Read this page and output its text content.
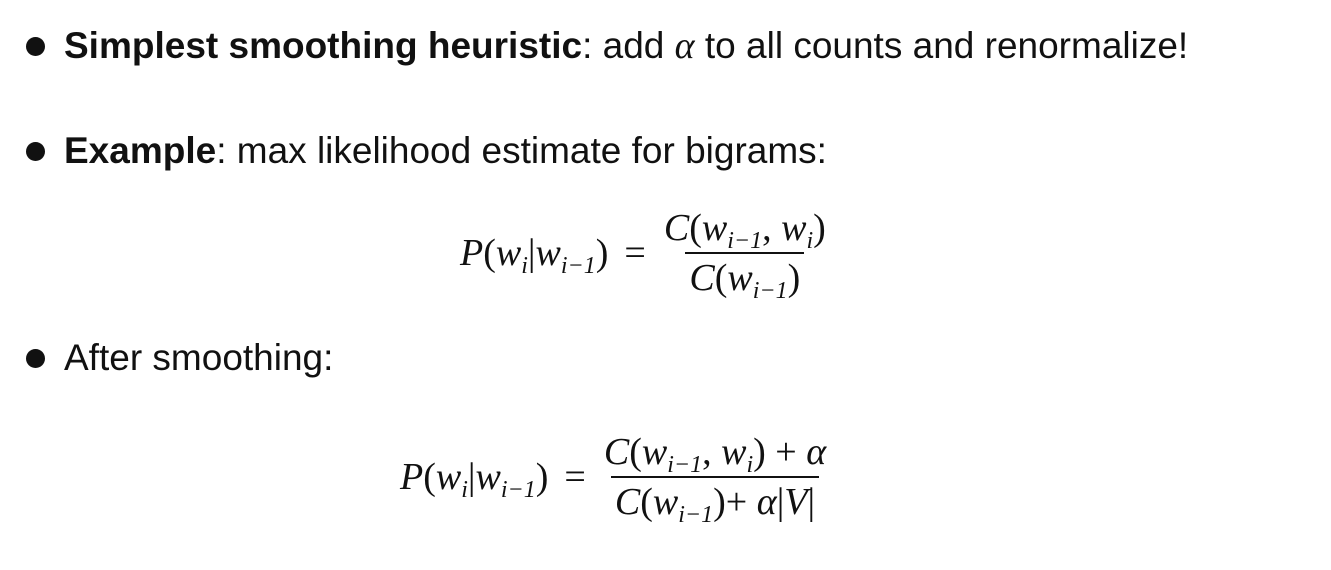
Simplest smoothing heuristic: add α to all counts and renormalize!
Example: max likelihood estimate for bigrams:
$P(w_i|w_{i-1}) = \frac{C(w_{i-1}, w_i)}{C(w_{i-1})}$
After smoothing:
$P(w_i|w_{i-1}) = \frac{C(w_{i-1}, w_i) + \alpha}{C(w_{i-1})+ \alpha|V|}$
